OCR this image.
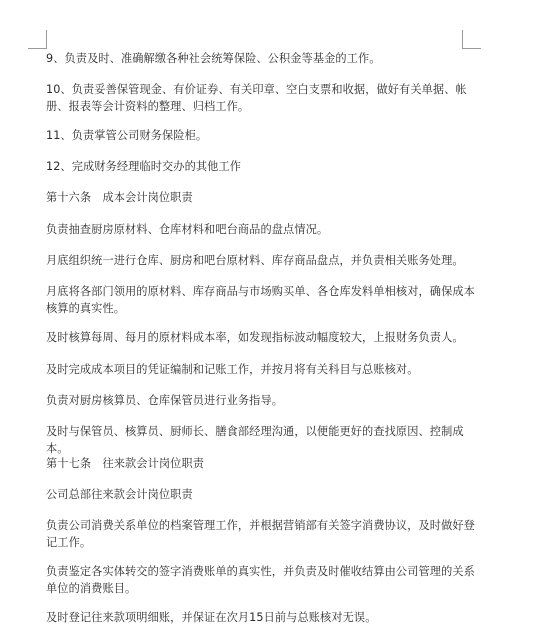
9、负责及时、准确解缴各种社会统筹保险、公积金等基金的工作。
10、负责妥善保管现金、有价证券、有关印章、空白支票和收据，做好有关单据、帐册、报表等会计资料的整理、归档工作。
11、负责掌管公司财务保险柜。
12、完成财务经理临时交办的其他工作
第十六条　成本会计岗位职责
负责抽查厨房原材料、仓库材料和吧台商品的盘点情况。
月底组织统一进行仓库、厨房和吧台原材料、库存商品盘点，并负责相关账务处理。
月底将各部门领用的原材料、库存商品与市场购买单、各仓库发料单相核对，确保成本核算的真实性。
及时核算每周、每月的原材料成本率，如发现指标波动幅度较大，上报财务负责人。
及时完成成本项目的凭证编制和记账工作，并按月将有关科目与总账核对。
负责对厨房核算员、仓库保管员进行业务指导。
及时与保管员、核算员、厨师长、膳食部经理沟通，以便能更好的查找原因、控制成本。
第十七条　往来款会计岗位职责
公司总部往来款会计岗位职责
负责公司消费关系单位的档案管理工作，并根据营销部有关签字消费协议，及时做好登记工作。
负责鉴定各实体转交的签字消费账单的真实性，并负责及时催收结算由公司管理的关系单位的消费账目。
及时登记往来款项明细账，并保证在次月15日前与总账核对无误。
